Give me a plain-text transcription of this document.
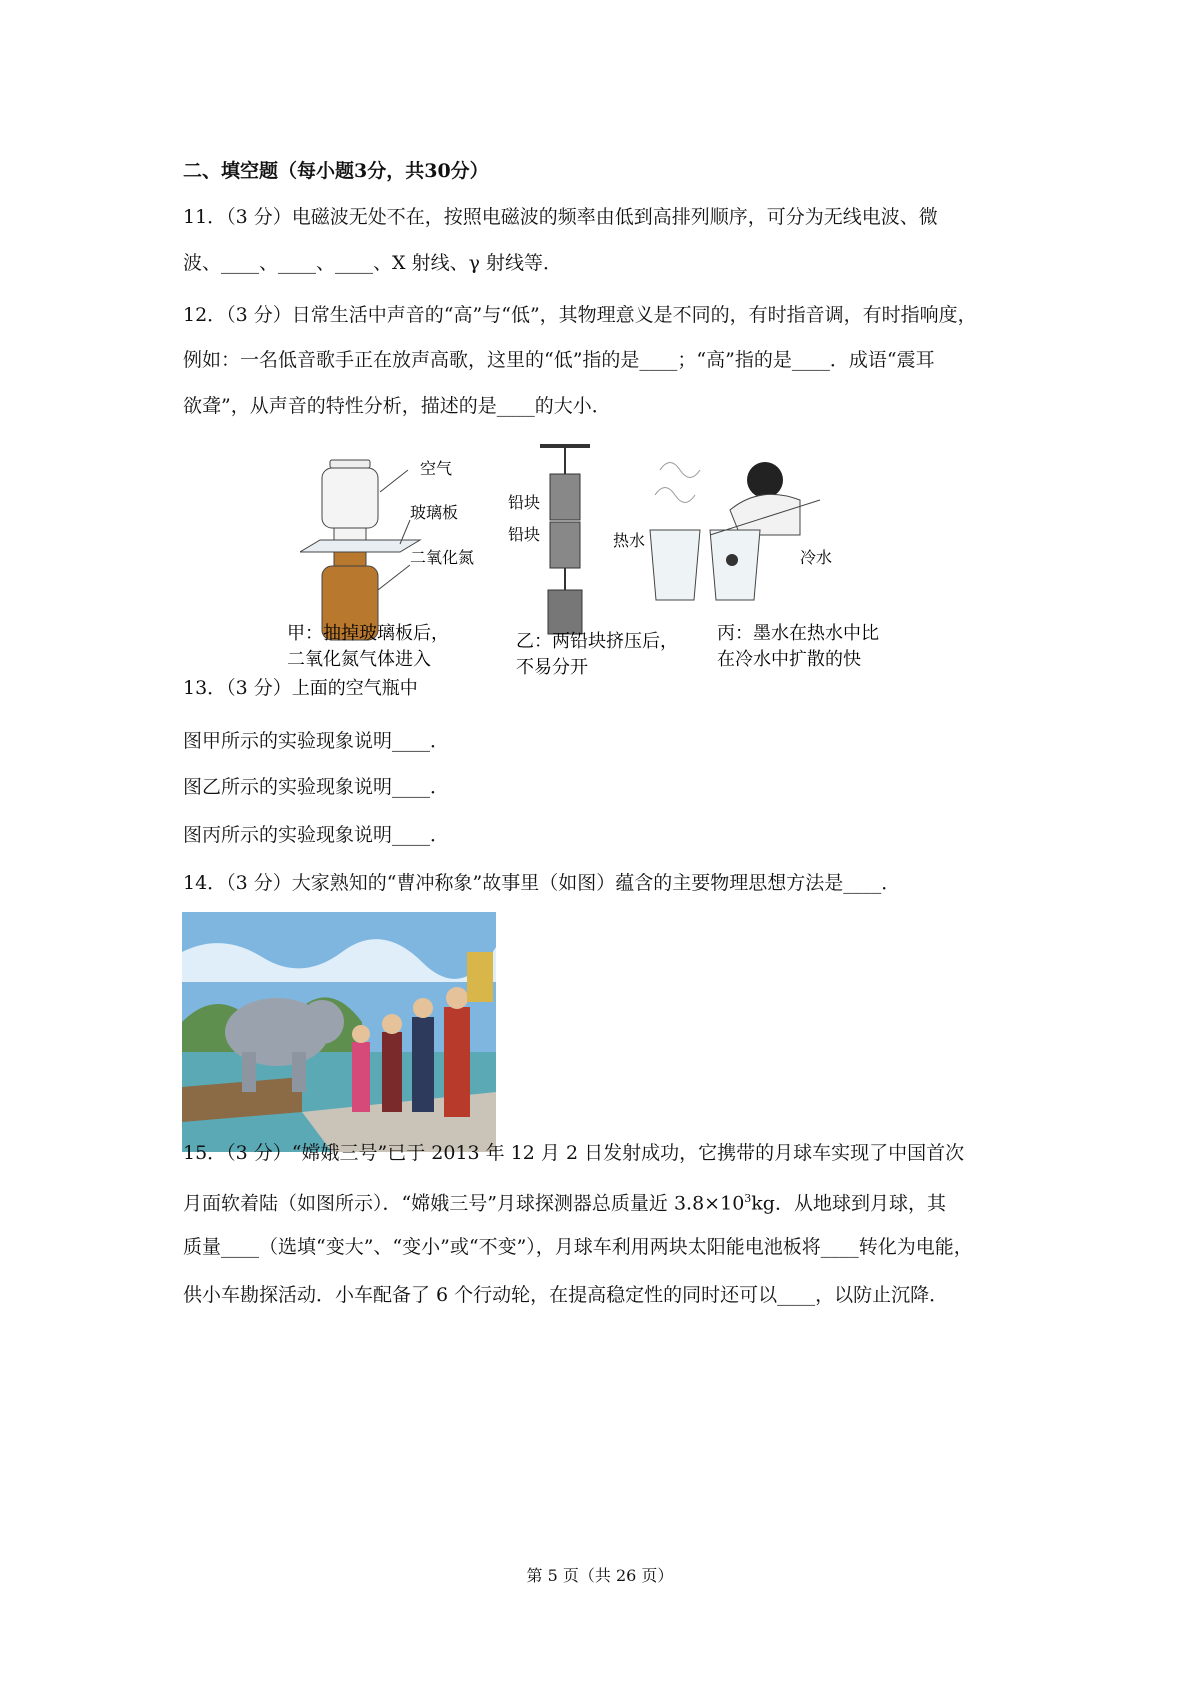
二、填空题（每小题3分，共30分）
11．（3 分）电磁波无处不在，按照电磁波的频率由低到高排列顺序，可分为无线电波、微
波、____、____、____、X 射线、γ 射线等．
12．（3 分）日常生活中声音的“高”与“低”，其物理意义是不同的，有时指音调，有时指响度，
例如：一名低音歌手正在放声高歌，这里的“低”指的是____；“高”指的是____．成语“震耳
欲聋”，从声音的特性分析，描述的是____的大小．
空气
玻璃板
二氧化氮
铅块
铅块	热水
冷水
甲：抽掉玻璃板后，
二氧化氮气体进入
乙：两铅块挤压后，
不易分开
丙：墨水在热水中比
在冷水中扩散的快
13．（3 分）上面的空气瓶中
图甲所示的实验现象说明____．
图乙所示的实验现象说明____．
图丙所示的实验现象说明____．
14．（3 分）大家熟知的“曹冲称象”故事里（如图）蕴含的主要物理思想方法是____．
15．（3 分）“嫦娥三号”已于 2013 年 12 月 2 日发射成功，它携带的月球车实现了中国首次
月面软着陆（如图所示）．“嫦娥三号”月球探测器总质量近 $3.8\times 10^3kg$．从地球到月球，其
质量____（选填“变大”、“变小”或“不变”），月球车利用两块太阳能电池板将____转化为电能，
供小车勘探活动．小车配备了 6 个行动轮，在提高稳定性的同时还可以____，以防止沉降．
第 5 页（共 26 页）
